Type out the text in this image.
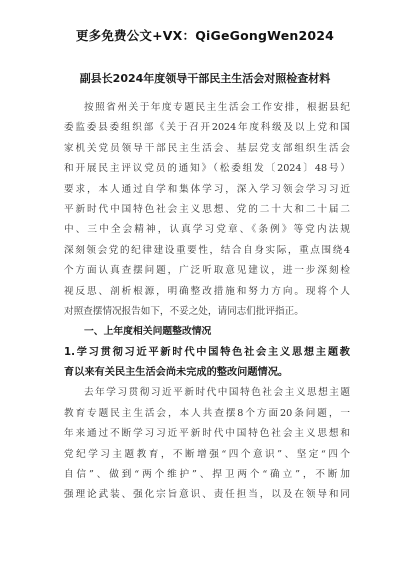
更多免费公文+VX：QiGeGongWen2024
副县长2024年度领导干部民主生活会对照检查材料
按照省州关于年度专题民主生活会工作安排，根据县纪
委监委县委组织部《关于召开2024年度科级及以上党和国
家机关党员领导干部民主生活会、基层党支部组织生活会
和开展民主评议党员的通知》（松委组发〔2024〕48号）
要求，本人通过自学和集体学习，深入学习领会学习习近
平新时代中国特色社会主义思想、党的二十大和二十届二
中、三中全会精神，认真学习党章、《条例》等党内法规
深刻领会党的纪律建设重要性，结合自身实际，重点围绕4
个方面认真查摆问题，广泛听取意见建议，进一步深刻检
视反思、剖析根源，明确整改措施和努力方向。现将个人
对照查摆情况报告如下，不妥之处，请同志们批评指正。
一、上年度相关问题整改情况
1.学习贯彻习近平新时代中国特色社会主义思想主题教
育以来有关民主生活会尚未完成的整改问题情况。
去年学习贯彻习近平新时代中国特色社会主义思想主题
教育专题民主生活会，本人共查摆8个方面20条问题，一
年来通过不断学习习近平新时代中国特色社会主义思想和
党纪学习主题教育，不断增强“四个意识”、坚定“四个
自信”、做到“两个维护”、捍卫两个“确立”，不断加
强理论武装、强化宗旨意识、责任担当，以及在领导和同
